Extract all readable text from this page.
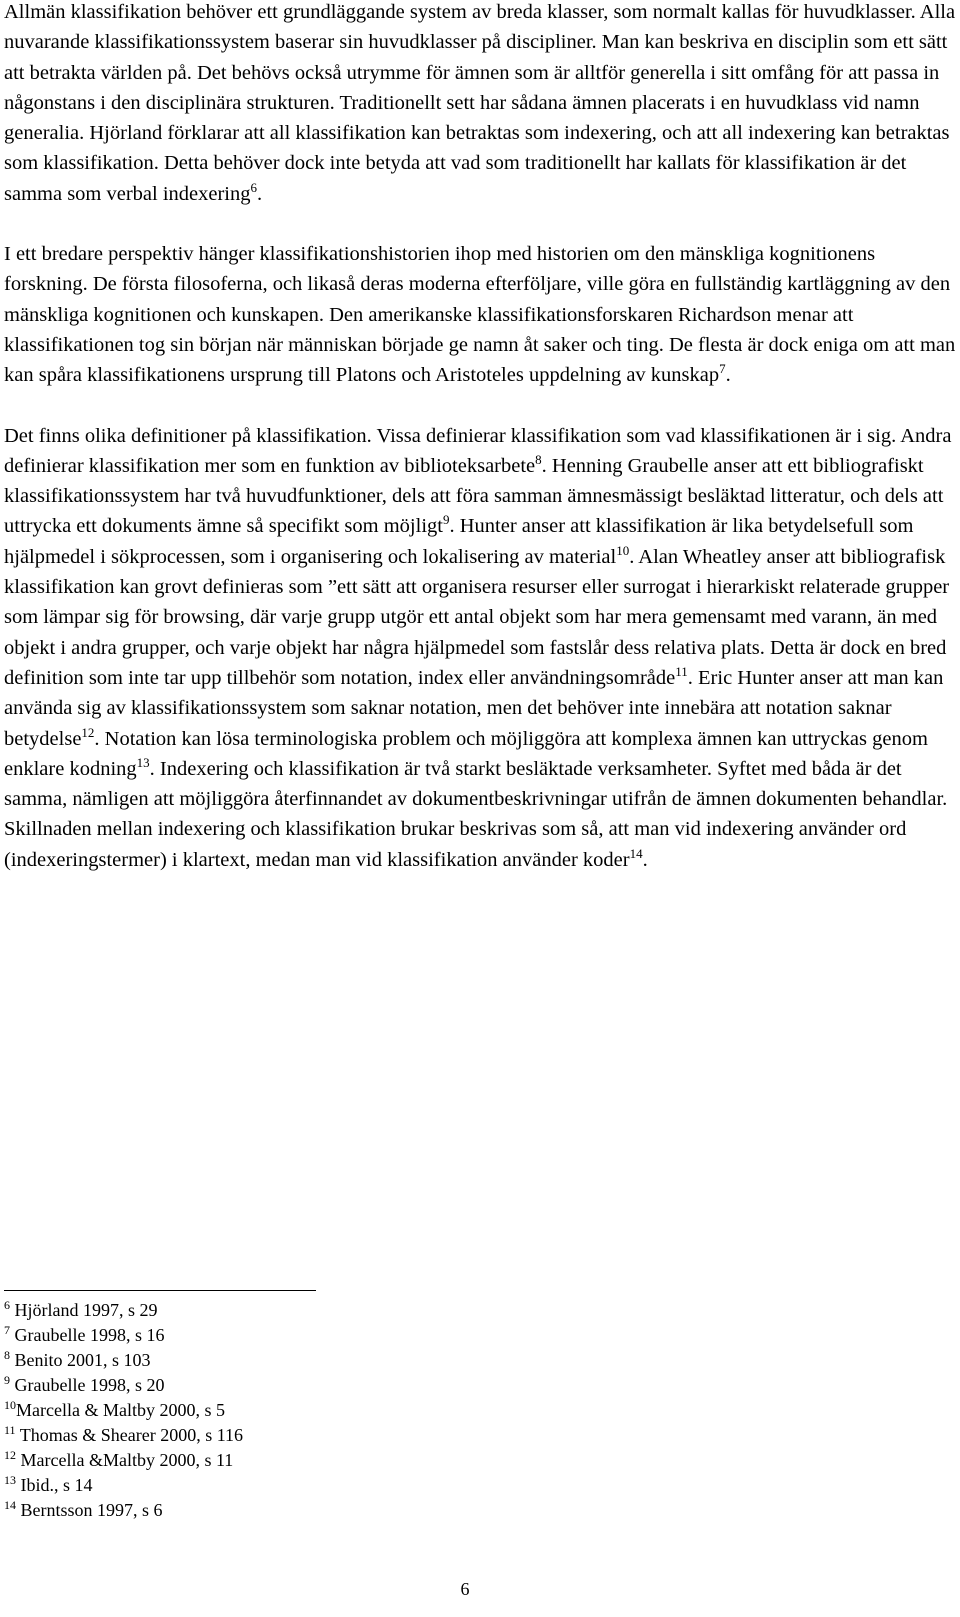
Allmän klassifikation behöver ett grundläggande system av breda klasser, som normalt kallas för huvudklasser. Alla nuvarande klassifikationssystem baserar sin huvudklasser på discipliner. Man kan beskriva en disciplin som ett sätt att betrakta världen på. Det behövs också utrymme för ämnen som är alltför generella i sitt omfång för att passa in någonstans i den disciplinära strukturen. Traditionellt sett har sådana ämnen placerats i en huvudklass vid namn generalia. Hjörland förklarar att all klassifikation kan betraktas som indexering, och att all indexering kan betraktas som klassifikation. Detta behöver dock inte betyda att vad som traditionellt har kallats för klassifikation är det samma som verbal indexering$^6$.

I ett bredare perspektiv hänger klassifikationshistorien ihop med historien om den mänskliga kognitionens forskning. De första filosoferna, och likaså deras moderna efterföljare, ville göra en fullständig kartläggning av den mänskliga kognitionen och kunskapen. Den amerikanske klassifikationsforskaren Richardson menar att klassifikationen tog sin början när människan började ge namn åt saker och ting. De flesta är dock eniga om att man kan spåra klassifikationens ursprung till Platons och Aristoteles uppdelning av kunskap$^7$.

Det finns olika definitioner på klassifikation. Vissa definierar klassifikation som vad klassifikationen är i sig. Andra definierar klassifikation mer som en funktion av biblioteksarbete$^8$. Henning Graubelle anser att ett bibliografiskt klassifikationssystem har två huvudfunktioner, dels att föra samman ämnesmässigt besläktad litteratur, och dels att uttrycka ett dokuments ämne så specifikt som möjligt$^9$. Hunter anser att klassifikation är lika betydelsefull som hjälpmedel i sökprocessen, som i organisering och lokalisering av material$^{10}$. Alan Wheatley anser att bibliografisk klassifikation kan grovt definieras som ”ett sätt att organisera resurser eller surrogat i hierarkiskt relaterade grupper som lämpar sig för browsing, där varje grupp utgör ett antal objekt som har mera gemensamt med varann, än med objekt i andra grupper, och varje objekt har några hjälpmedel som fastslår dess relativa plats. Detta är dock en bred definition som inte tar upp tillbehör som notation, index eller användningsområde$^{11}$. Eric Hunter anser att man kan använda sig av klassifikationssystem som saknar notation, men det behöver inte innebära att notation saknar betydelse$^{12}$. Notation kan lösa terminologiska problem och möjliggöra att komplexa ämnen kan uttryckas genom enklare kodning$^{13}$. Indexering och klassifikation är två starkt besläktade verksamheter. Syftet med båda är det samma, nämligen att möjliggöra återfinnandet av dokumentbeskrivningar utifrån de ämnen dokumenten behandlar. Skillnaden mellan indexering och klassifikation brukar beskrivas som så, att man vid indexering använder ord (indexeringstermer) i klartext, medan man vid klassifikation använder koder$^{14}$.

$^6$ Hjörland 1997, s 29
$^7$ Graubelle 1998, s 16
$^8$ Benito 2001, s 103
$^9$ Graubelle 1998, s 20
$^{10}$Marcella & Maltby 2000, s 5
$^{11}$ Thomas & Shearer 2000, s 116
$^{12}$ Marcella &Maltby 2000, s 11
$^{13}$ Ibid., s 14
$^{14}$ Berntsson 1997, s 6
6
